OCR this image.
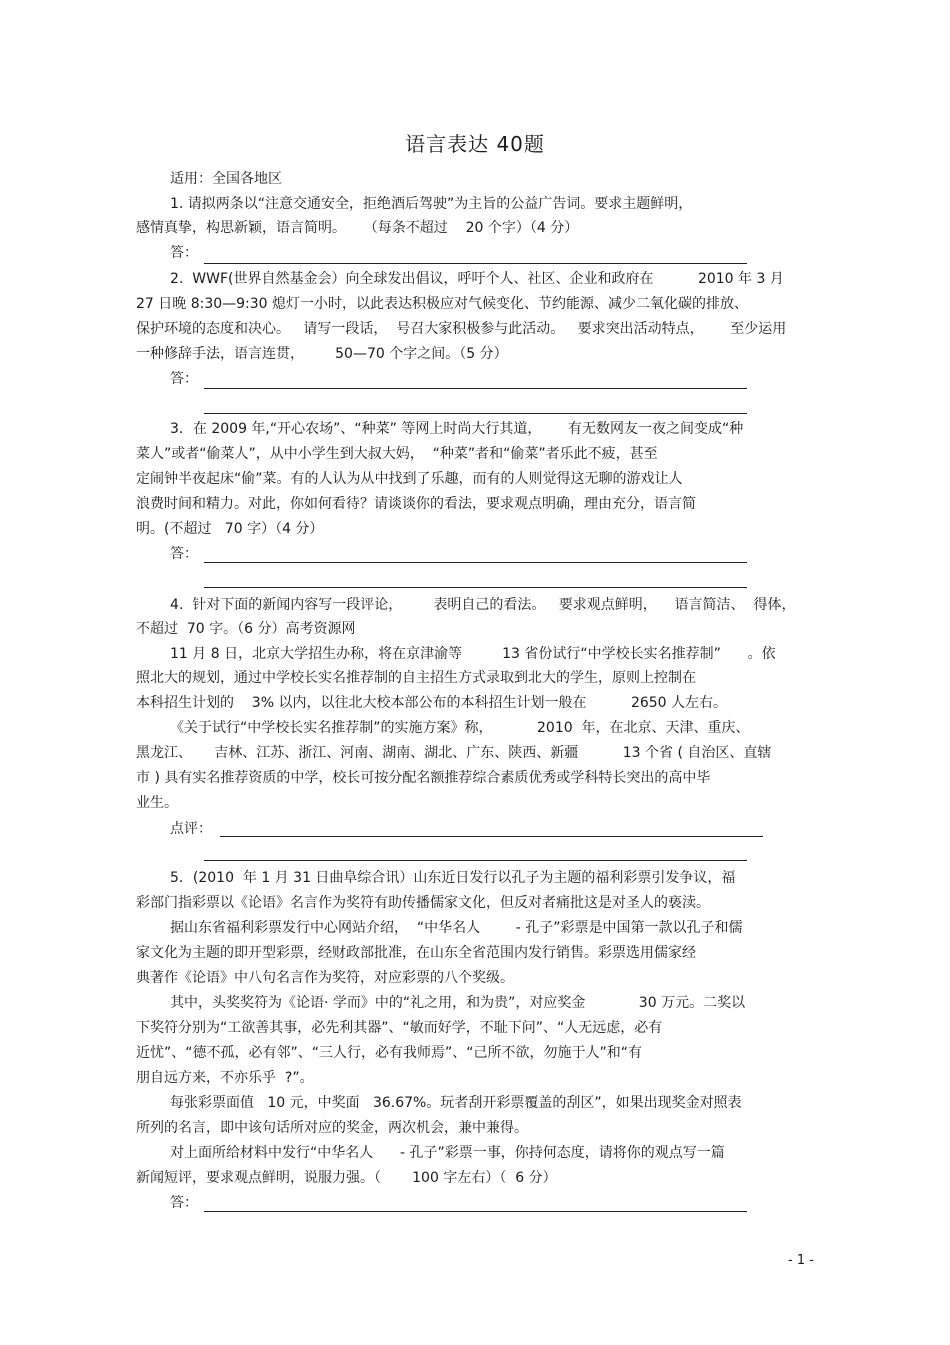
语言表达 40题
适用：全国各地区
1. 请拟两条以“注意交通安全，拒绝酒后驾驶”为主旨的公益广告词。要求主题鲜明，
感情真挚，构思新颖，语言简明。    （每条不超过    20 个字）（4 分）
答：
2.  WWF(世界自然基金会）向全球发出倡议，呼吁个人、社区、企业和政府在          2010 年 3 月
27 日晚 8:30—9:30 熄灯一小时，以此表达积极应对气候变化、节约能源、减少二氧化碳的排放、
保护环境的态度和决心。   请写一段话，  号召大家积极参与此活动。   要求突出活动特点，      至少运用
一种修辞手法，语言连贯，       50—70 个字之间。（5 分）
答：
3．在 2009 年,“开心农场”、“种菜” 等网上时尚大行其道，      有无数网友一夜之间变成“种
菜人”或者“偷菜人”，从中小学生到大叔大妈，  “种菜”者和“偷菜”者乐此不疲，甚至
定闹钟半夜起床“偷”菜。有的人认为从中找到了乐趣，而有的人则觉得这无聊的游戏让人
浪费时间和精力。对此，你如何看待？请谈谈你的看法，要求观点明确，理由充分，语言简
明。(不超过   70 字）（4 分）
答：
4.  针对下面的新闻内容写一段评论，       表明自己的看法。   要求观点鲜明，    语言简洁、  得体，
不超过  70 字。（6 分）高考资源网
11 月 8 日，北京大学招生办称，将在京津渝等         13 省份试行“中学校长实名推荐制”      。依
照北大的规划，通过中学校长实名推荐制的自主招生方式录取到北大的学生，原则上控制在
本科招生计划的    3% 以内，以往北大校本部公布的本科招生计划一般在          2650 人左右。
《关于试行“中学校长实名推荐制”的实施方案》称，          2010  年，在北京、天津、重庆、
黑龙江、     吉林、江苏、浙江、河南、湖南、湖北、广东、陕西、新疆          13 个省 ( 自治区、直辖
市 ) 具有实名推荐资质的中学，校长可按分配名额推荐综合素质优秀或学科特长突出的高中毕
业生。
点评：
5．(2010  年 1 月 31 日曲阜综合讯）山东近日发行以孔子为主题的福利彩票引发争议，福
彩部门指彩票以《论语》名言作为奖符有助传播儒家文化，但反对者痛批这是对圣人的亵渎。
据山东省福利彩票发行中心网站介绍，  “中华名人        - 孔子”彩票是中国第一款以孔子和儒
家文化为主题的即开型彩票，经财政部批准，在山东全省范围内发行销售。彩票选用儒家经
典著作《论语》中八句名言作为奖符，对应彩票的八个奖级。
其中，头奖奖符为《论语· 学而》中的“礼之用，和为贵”，对应奖金            30 万元。二奖以
下奖符分别为“工欲善其事，必先利其器”、“敏而好学，不耻下问”、“人无远虑，必有
近忧”、“德不孤，必有邻”、“三人行，必有我师焉”、“己所不欲，勿施于人”和“有
朋自远方来，不亦乐乎  ?”。
每张彩票面值   10 元，中奖面   36.67%。玩者刮开彩票覆盖的刮区”，如果出现奖金对照表
所列的名言，即中该句话所对应的奖金，两次机会，兼中兼得。
对上面所给材料中发行“中华名人      - 孔子”彩票一事，你持何态度，请将你的观点写一篇
新闻短评，要求观点鲜明，说服力强。（       100 字左右）（  6 分）
答：
- 1 -
